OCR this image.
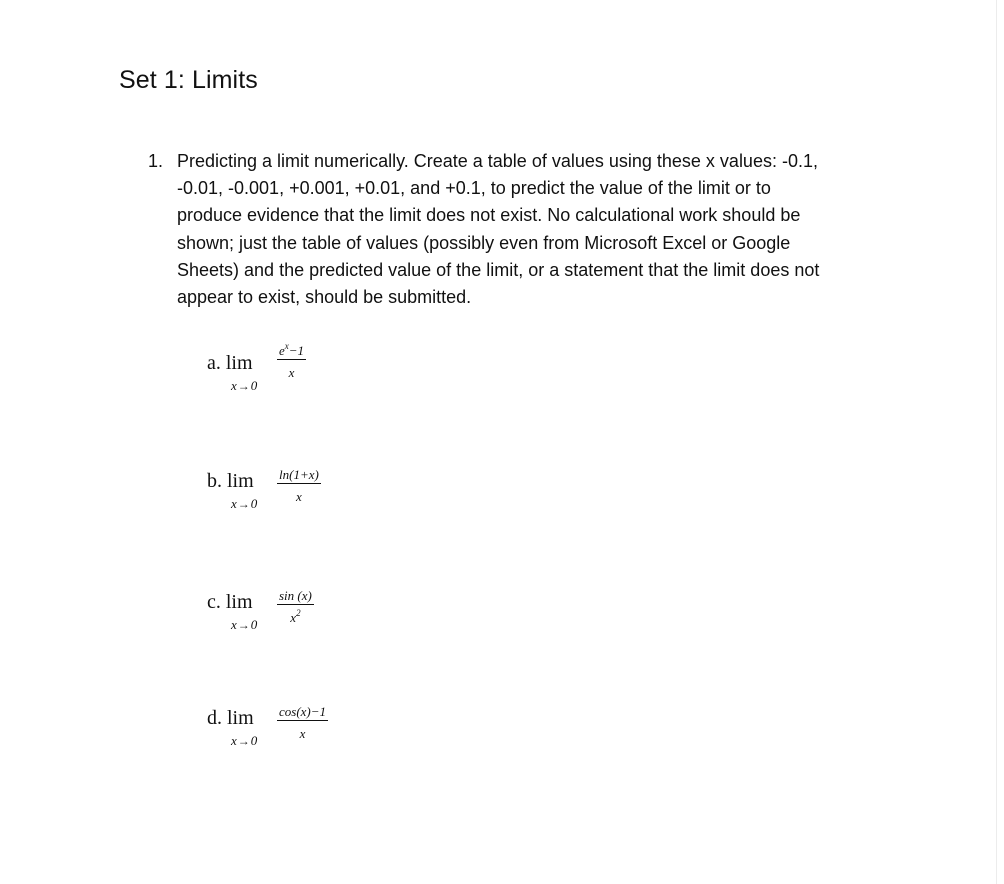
Set 1: Limits
1. Predicting a limit numerically. Create a table of values using these x values: -0.1,
-0.01, -0.001, +0.001, +0.01, and +0.1, to predict the value of the limit or to
produce evidence that the limit does not exist. No calculational work should be
shown; just the table of values (possibly even from Microsoft Excel or Google
Sheets) and the predicted value of the limit, or a statement that the limit does not
appear to exist, should be submitted.
a. lim
x→0
$\frac{e^x-1}{x}$
b. lim
$x\to 0 \frac{\ln(1+x)}{x}$
c. lim
$x\to 0 \frac{\sin (x)}{x^2}$
d. lim
$x\to 0 \frac{\cos(x)-1}{x}$
